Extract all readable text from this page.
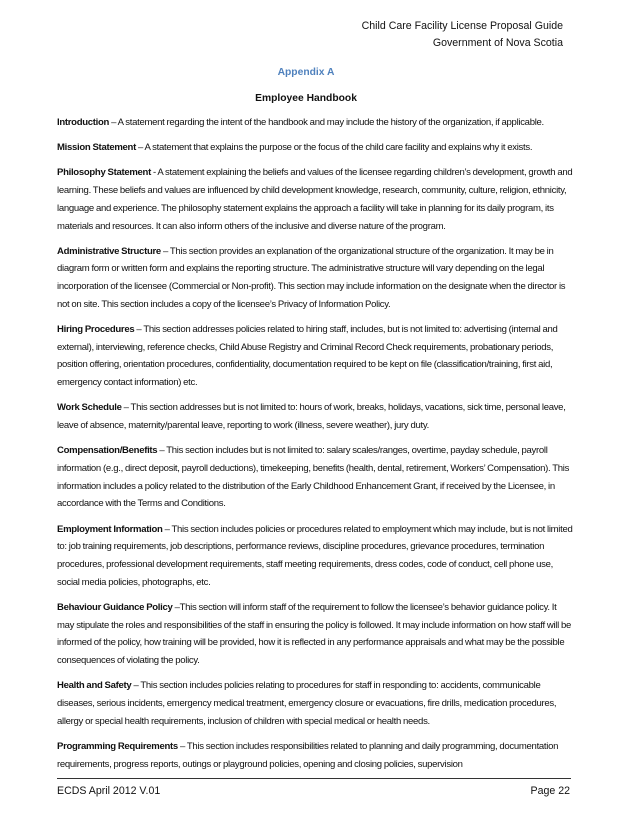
Child Care Facility License Proposal Guide
Government of Nova Scotia
Appendix A
Employee Handbook

Introduction – A statement regarding the intent of the handbook and may include the history of the organization, if applicable.

Mission Statement – A statement that explains the purpose or the focus of the child care facility and explains why it exists.

Philosophy Statement - A statement explaining the beliefs and values of the licensee regarding children’s development, growth and learning. These beliefs and values are influenced by child development knowledge, research, community, culture, religion, ethnicity, language and experience. The philosophy statement explains the approach a facility will take in planning for its daily program, its materials and resources. It can also inform others of the inclusive and diverse nature of the program.

Administrative Structure – This section provides an explanation of the organizational structure of the organization. It may be in diagram form or written form and explains the reporting structure. The administrative structure will vary depending on the legal incorporation of the licensee (Commercial or Non-profit). This section may include information on the designate when the director is not on site. This section includes a copy of the licensee’s Privacy of Information Policy.

Hiring Procedures – This section addresses policies related to hiring staff, includes, but is not limited to: advertising (internal and external), interviewing, reference checks, Child Abuse Registry and Criminal Record Check requirements, probationary periods, position offering, orientation procedures, confidentiality, documentation required to be kept on file (classification/training, first aid, emergency contact information) etc.

Work Schedule – This section addresses but is not limited to: hours of work, breaks, holidays, vacations, sick time, personal leave, leave of absence, maternity/parental leave, reporting to work (illness, severe weather), jury duty.

Compensation/Benefits – This section includes but is not limited to: salary scales/ranges, overtime, payday schedule, payroll information (e.g., direct deposit, payroll deductions), timekeeping, benefits (health, dental, retirement, Workers’ Compensation). This information includes a policy related to the distribution of the Early Childhood Enhancement Grant, if received by the Licensee, in accordance with the Terms and Conditions.

Employment Information – This section includes policies or procedures related to employment which may include, but is not limited to: job training requirements, job descriptions, performance reviews, discipline procedures, grievance procedures, termination procedures, professional development requirements, staff meeting requirements, dress codes, code of conduct, cell phone use, social media policies, photographs, etc.

Behaviour Guidance Policy –This section will inform staff of the requirement to follow the licensee’s behavior guidance policy. It may stipulate the roles and responsibilities of the staff in ensuring the policy is followed. It may include information on how staff will be informed of the policy, how training will be provided, how it is reflected in any performance appraisals and what may be the possible consequences of violating the policy.

Health and Safety – This section includes policies relating to procedures for staff in responding to: accidents, communicable diseases, serious incidents, emergency medical treatment, emergency closure or evacuations, fire drills, medication procedures, allergy or special health requirements, inclusion of children with special medical or health needs.

Programming Requirements – This section includes responsibilities related to planning and daily programming, documentation requirements, progress reports, outings or playground policies, opening and closing policies, supervision

ECDS April 2012 V.01	Page 22
